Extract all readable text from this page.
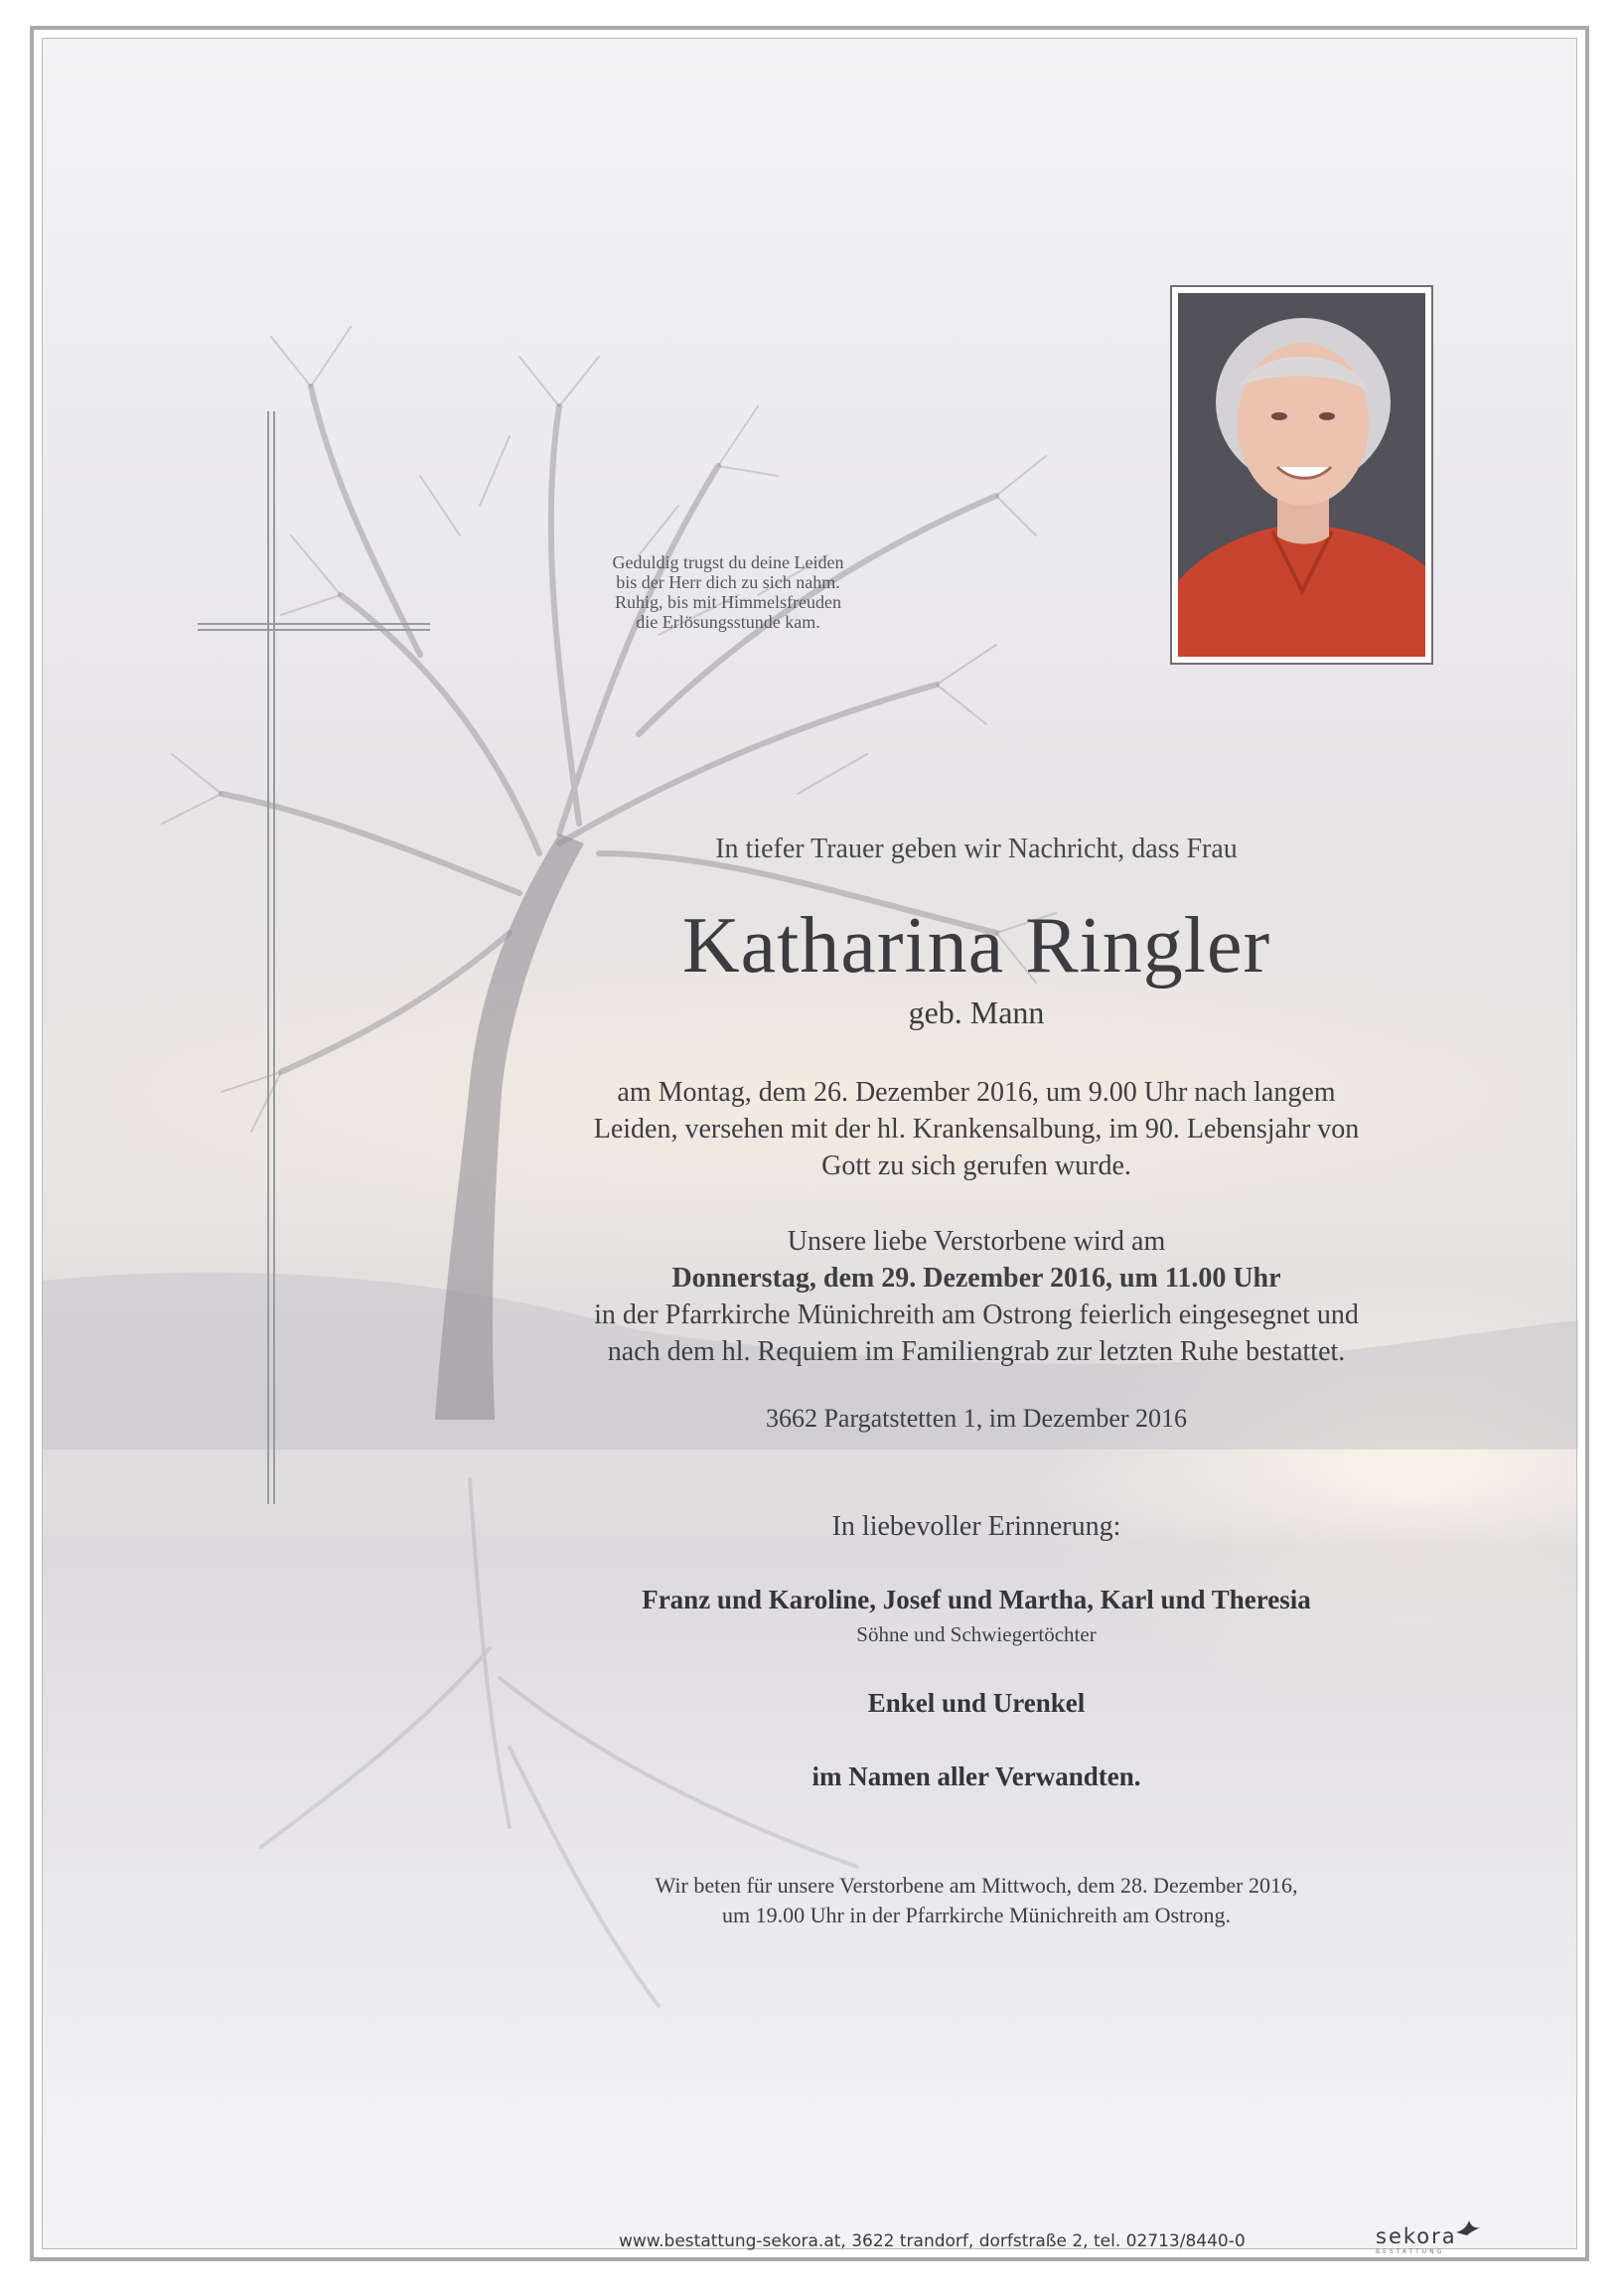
Geduldig trugst du deine Leiden
bis der Herr dich zu sich nahm.
Ruhig, bis mit Himmelsfreuden
die Erlösungsstunde kam.
In tiefer Trauer geben wir Nachricht, dass Frau
Katharina Ringler
geb. Mann
am Montag, dem 26. Dezember 2016, um 9.00 Uhr nach langem
Leiden, versehen mit der hl. Krankensalbung, im 90. Lebensjahr von
Gott zu sich gerufen wurde.
Unsere liebe Verstorbene wird am
Donnerstag, dem 29. Dezember 2016, um 11.00 Uhr
in der Pfarrkirche Münichreith am Ostrong feierlich eingesegnet und
nach dem hl. Requiem im Familiengrab zur letzten Ruhe bestattet.
3662 Pargatstetten 1, im Dezember 2016
In liebevoller Erinnerung:
Franz und Karoline, Josef und Martha, Karl und Theresia
Söhne und Schwiegertöchter
Enkel und Urenkel
im Namen aller Verwandten.
Wir beten für unsere Verstorbene am Mittwoch, dem 28. Dezember 2016,
um 19.00 Uhr in der Pfarrkirche Münichreith am Ostrong.
www.bestattung-sekora.at, 3622 trandorf, dorfstraße 2, tel. 02713/8440-0	sekora
BESTATTUNG
